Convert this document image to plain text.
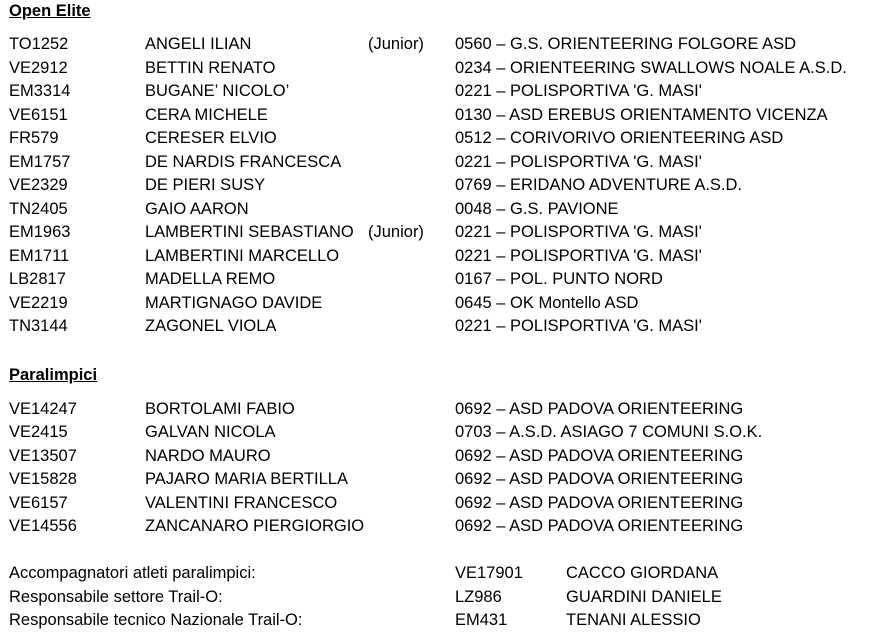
Open Elite
TO1252	ANGELI ILIAN	(Junior) 0560 – G.S. ORIENTEERING FOLGORE ASD
VE2912	BETTIN RENATO	0234 – ORIENTEERING SWALLOWS NOALE A.S.D.
EM3314	BUGANE’ NICOLO’	0221 – POLISPORTIVA 'G. MASI'
VE6151	CERA MICHELE	0130 – ASD EREBUS ORIENTAMENTO VICENZA
FR579	CERESER ELVIO	0512 – CORIVORIVO ORIENTEERING ASD
EM1757	DE NARDIS FRANCESCA	0221 – POLISPORTIVA 'G. MASI'
VE2329	DE PIERI SUSY	0769 – ERIDANO ADVENTURE A.S.D.
TN2405	GAIO AARON	0048 – G.S. PAVIONE
EM1963	LAMBERTINI SEBASTIANO (Junior) 0221 – POLISPORTIVA 'G. MASI'
EM1711	LAMBERTINI MARCELLO	0221 – POLISPORTIVA 'G. MASI'
LB2817	MADELLA REMO	0167 – POL. PUNTO NORD
VE2219	MARTIGNAGO DAVIDE	0645 – OK Montello ASD
TN3144	ZAGONEL VIOLA	0221 – POLISPORTIVA 'G. MASI'
Paralimpici
VE14247	BORTOLAMI FABIO	0692 – ASD PADOVA ORIENTEERING
VE2415	GALVAN NICOLA	0703 – A.S.D. ASIAGO 7 COMUNI S.O.K.
VE13507	NARDO MAURO	0692 – ASD PADOVA ORIENTEERING
VE15828	PAJARO MARIA BERTILLA	0692 – ASD PADOVA ORIENTEERING
VE6157	VALENTINI FRANCESCO	0692 – ASD PADOVA ORIENTEERING
VE14556	ZANCANARO PIERGIORGIO	0692 – ASD PADOVA ORIENTEERING
Accompagnatori atleti paralimpici:	VE17901	CACCO GIORDANA
Responsabile settore Trail-O:	LZ986	GUARDINI DANIELE
Responsabile tecnico Nazionale Trail-O:	EM431	TENANI ALESSIO
